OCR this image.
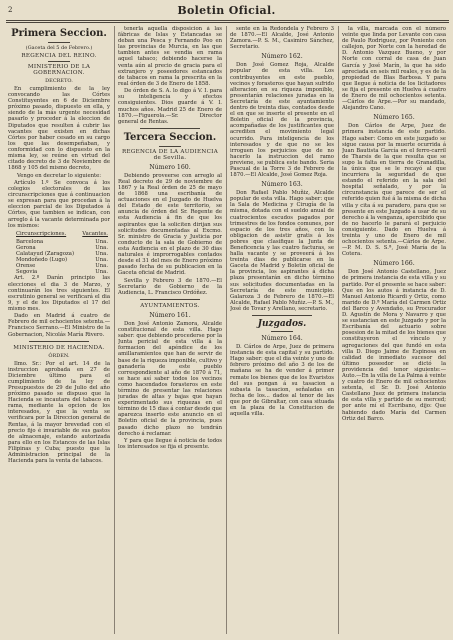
2	Boletin Oficial.
Primera Seccion.
(Gaceta del 5 de Febrero.)
REGENCIA DEL REINO.
MINISTERIO DE LA GOBERNACION.
DECRETO.

En cumplimiento de la ley convocando las Córtes Constituyentes en 6 de Diciembre próximo pasado, dispuesto en ella, y siendo de la más urgente necesidad pasarlo y proceder á la eleccion de Diputados que resulten á cubrir las vacantes que existen en dichas Córtes por haber cesado en su cargo los que las desempeñaban, y conformidad con lo dispuesto en la misma ley, se reúne en virtud del citado decreto de 3 de Noviembre de 1868 y 105 del mismo decreto,

Vengo en decretar lo siguiente:

Artículo 1.º Se convoca á los colegios electorales de las circunscripciones que á continuacion se expresan para que procedan á la eleccion parcial de los Diputados á Córtes, que tambien se indican, con arreglo á la vacante determinada por los mismos:

Circunscripciones.	Vacantes.
Barcelona	Una.
Gerona	Una.
Calatayud (Zaragoza)	Una.
Mondoñedo (Lugo)	Una.
Orense	Una.
Segovia	Una.

Art. 2.º Darán principio las elecciones el dia 3 de Marzo, y continuarán los tres siguientes. El escrutinio general se verificará el dia 9, y el de los Diputados el 17 del mismo mes.

Dado en Madrid á cuatro de Febrero de mil ochocientos setenta.—Francisco Serrano.—El Ministro de la Gobernacion, Nicolás María Rivero.

MINISTERIO DE HACIENDA.
ÓRDEN.

Ilmo. Sr.: Por el art. 14 de la instruccion aprobada en 27 de Diciembre último para el cumplimiento de la ley de Presupuestos de 29 de Julio del año próximo pasado se dispuso que la Hacienda se incautara del tabaco en rama, mediante la opcion de los interesados, y que la venta se verificara por la Direccion general de Rentas, á la mayor brevedad con el precio fijo é invariable de sus gastos de almacenaje, estando autorizada para ello en los Estancos de las Islas Filipinas y Cuba; puesto que la Administracion principal de la Hacienda para la venta de tabacos.

tenerla aquella disposicion á las fábricas de Islas y Estancadas se deban una Pesca y Fernando Poo en las provincias de Murcia, en las que tambien antes se vendia en rama aquel tabaco; debiendo hacerse la venta aún al precio de gracia para el extranjero y poseedores estancados de tabacos en rama la prescrita en la real órden de 3 de Enero de 1858.

De órden de S. A. lo digo á V. I. para su inteligencia y efectos consiguientes. Dios guarde á V. I. muchos años. Madrid 25 de Enero de 1870.—Figuerola.—Sr. Director general de Rentas.

Tercera Seccion.
REGENCIA DE LA AUDIENCIA de Sevilla.
Número 160.

Debiendo proveerse con arreglo al Real decreto de 29 de noviembre de 1867 y la Real órden de 25 de mayo de 1868 una escribanía de actuaciones en el Juzgado de Huelva del Estado de este territorio, se anuncia de órden del Sr. Regente de esta Audiencia á fin de que los aspirantes que la soliciten dirijan sus solicitudes documentadas al Excmo. Sr. ministro de Gracia y Justicia por conducto de la sala de Gobierno de esta Audiencia en el plazo de 30 dias naturales é improrrogables contados desde el 31 del mes de Enero próximo pasado fecha de su publicacion en la Gaceta oficial de Madrid.

Sevilla y Febrero 3 de 1870.—El Secretario de Gobierno de la Audiencia, L. Francisco Ordóñez.

AYUNTAMIENTOS.
Número 161.

Don José Antonio Zamora, Alcalde constitucional de esta villa. Hago saber: que debiendo procederse por la Junta pericial de esta villa á la formacion del apéndice de los amillaramientos que han de servir de base de la riqueza imponible, cultivo y ganadería de este pueblo correspondiente al año de 1870 á 71, se hace así saber todos los vecinos como hacendados forasteros en este término de presentar las relaciones juradas de altas y bajas que hayan experimentado sus riquezas en el término de 15 dias á contar desde que aparezca inserto este anuncio en el Boletin oficial de la provincia, pues pasado dicho plazo no tendrán derecho á reclamar.

Y para que llegue á noticia de todos los interesados se fija el presente.

sente en la Redondela y Febrero 3 de 1870.—El Alcalde, José Antonio Zamora.—P. S. M., Casimiro Sánchez, Secretario.

Número 162.

Don José Gomez Roja, Alcalde popular de esta villa. Los contribuyentes en este pueblo, vecinos y forasteros que hayan sufrido alteracion en su riqueza imponible, presentarán relaciones juradas en la Secretaría de este ayuntamiento dentro de treinta dias, contados desde el en que se inserte el presente en el Boletin oficial de la provincia, acompañadas de los justificantes que acrediten el movimiento legal ocurrido. Para inteligencia de los interesados y de que no se les irroguen los perjuicios que de no hacerlo la instruccion del ramo previene, se publica este bando. Seria Pascual de la Torre 3 de Febrero de 1870.—El Alcalde, José Gomez Roja.

Número 163.

Don Rafael Pablo Muñiz, Alcalde popular de esta villa. Hago saber: que la Sala de Medicina y Cirugía de la misma, dotada con el sueldo anual de cuatrocientos escudos pagados por trimestres de los fondos comunes, por espacio de los tres años, con la obligacion de asistir gratis á los pobres que clasifique la Junta de Beneficencia y las cuatro facturas, se halla vacante y se proveerá á los treinta dias de publicarse en la Gaceta de Madrid y Boletin oficial de la provincia, los aspirantes á dicha plaza presentarán en dicho término sus solicitudes documentadas en la Secretaría de este municipio. Galaroza 3 de Febrero de 1870.—El Alcalde, Rafael Pablo Muñiz.—P. S. M., José de Tovar y Arellano, secretario.

Juzgados.
Número 164.

D. Cárlos de Arpe, Juez de primera instancia de esta capital y su partido. Hago saber: que el dia veinte y uno de febrero próximo del año 3 de los de mañana se ha de vender á primer remate los bienes que de los Evaristos del sus pongan á su tasacion a subasta la tasacion, señaladas en fecha de los... dados al tenor de las que por de Gibraltar, con casa situada en la plaza de la Constitucion de aquella villa.

la villa, marcada con el número veinte que linda por Levante con casa de Paulo Rodriguez, por Poniente con callejon, por Norte con la heredad de D. Antonio Vazquez Bueno, y por Norte con corral de casa de Juan García y José Marín, la que ha sido apreciada en seis mil reales, y es de la propiedad de Blas Barbosa. Y para que llegue á noticia de los licitadores se fija el presente en Huelva á cuatro de Enero de mil ochocientos setenta.—Cárlos de Arpe.—Por su mandado, Alejandro Cano.

Número 165.

Don Cárlos de Arpe, Juez de primera instancia de este partido. Hago saber: Como en este juzgado se sigue causa por la muerte ocurrida á Juan Bautista García en el ferro-carril de Tharsis de la que resulta que se supo la falta en tierra de Granadilla, la única que se le recayó al que incurriera la seguridad de que estando el referido en la sala del hospital señalado, y por la circunstancia que parece de ser el referido quien fué á la misma de dicha villa y cita á su paradero, para que se presente en este Juzgado á usar de su derecho á la venganza, apercibido que de no hacerlo le parará el perjuicio consiguiente. Dado en Huelva á treinta y uno de Enero de mil ochocientos setenta.—Cárlos de Arpe.—P. M. D. S. S.ª, José María de la Cotera.

Número 166.

Don José Antonio Castellano, Juez de primera instancia de esta villa y su partido. Por el presente se hace saber: Que en los autos á instancia de D. Manuel Antonio Ricardi y Ortiz, como marido de D.ª María del Carmen Ortiz del Barco y Avendaño, su Procurador D. Agustín de Mora y Navarro y que se sustancian en este Juzgado y por la Escribanía del actuario sobre posesion de la mitad de los bienes que constituyeron el vínculo y agregaciones del que fundó en esta villa D. Diego Jaime de Espinosa en calidad de inmediato sucesor del último poseedor se dictó la providencia del tenor siguiente:—Auto.—En la villa de La Palma á veinte y cuatro de Enero de mil ochocientos setenta, el Sr. D. José Antonio Castellano Juez de primera instancia de esta villa y partido de su merced; por ante mí el Escribano, dijo: Que habiendo dado María del Carmen Ortiz del Barco.
